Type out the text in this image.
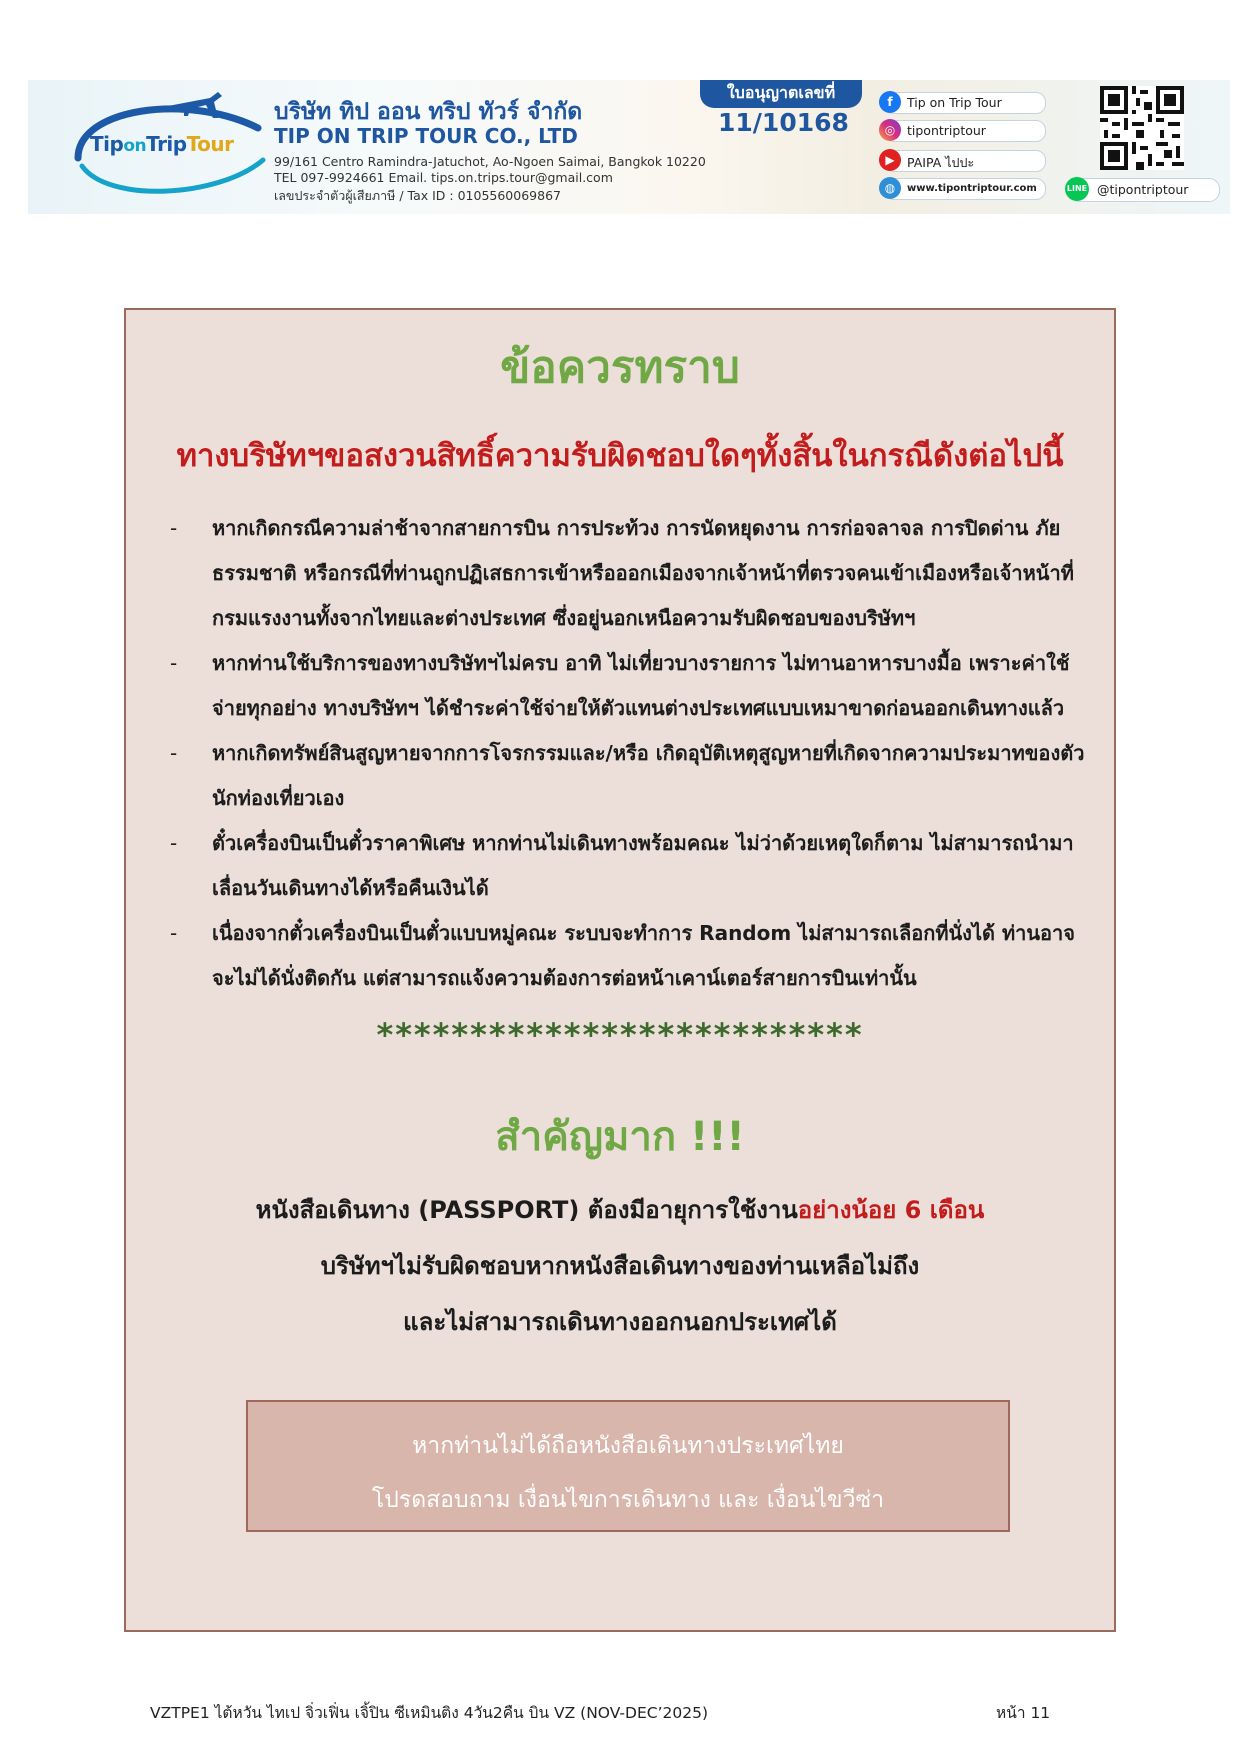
TiponTripTour
บริษัท ทิป ออน ทริป ทัวร์ จำกัด
TIP ON TRIP TOUR CO., LTD
99/161 Centro Ramindra-Jatuchot, Ao-Ngoen Saimai, Bangkok 10220
TEL 097-9924661 Email. tips.on.trips.tour@gmail.com
เลขประจำตัวผู้เสียภาษี / Tax ID : 0105560069867
ใบอนุญาตเลขที่
11/10168
f	Tip on Trip Tour
◎ tipontriptour
▶ PAIPA ไปปะ
◍	www.tipontriptour.com	LINE @tipontriptour
ข้อควรทราบ
ทางบริษัทฯขอสงวนสิทธิ์ความรับผิดชอบใดๆทั้งสิ้นในกรณีดังต่อไปนี้
- หากเกิดกรณีความล่าช้าจากสายการบิน การประท้วง การนัดหยุดงาน การก่อจลาจล การปิดด่าน ภัยธรรมชาติ หรือกรณีที่ท่านถูกปฏิเสธการเข้าหรือออกเมืองจากเจ้าหน้าที่ตรวจคนเข้าเมืองหรือเจ้าหน้าที่กรมแรงงานทั้งจากไทยและต่างประเทศ ซึ่งอยู่นอกเหนือความรับผิดชอบของบริษัทฯ
- หากท่านใช้บริการของทางบริษัทฯไม่ครบ อาทิ ไม่เที่ยวบางรายการ ไม่ทานอาหารบางมื้อ เพราะค่าใช้จ่ายทุกอย่าง ทางบริษัทฯ ได้ชำระค่าใช้จ่ายให้ตัวแทนต่างประเทศแบบเหมาขาดก่อนออกเดินทางแล้ว
- หากเกิดทรัพย์สินสูญหายจากการโจรกรรมและ/หรือ เกิดอุบัติเหตุสูญหายที่เกิดจากความประมาทของตัวนักท่องเที่ยวเอง
- ตั๋วเครื่องบินเป็นตั๋วราคาพิเศษ หากท่านไม่เดินทางพร้อมคณะ ไม่ว่าด้วยเหตุใดก็ตาม ไม่สามารถนำมาเลื่อนวันเดินทางได้หรือคืนเงินได้
- เนื่องจากตั๋วเครื่องบินเป็นตั๋วแบบหมู่คณะ ระบบจะทำการ Random ไม่สามารถเลือกที่นั่งได้ ท่านอาจจะไม่ได้นั่งติดกัน แต่สามารถแจ้งความต้องการต่อหน้าเคาน์เตอร์สายการบินเท่านั้น
**************************
สำคัญมาก !!!
หนังสือเดินทาง (PASSPORT) ต้องมีอายุการใช้งานอย่างน้อย 6 เดือน
บริษัทฯไม่รับผิดชอบหากหนังสือเดินทางของท่านเหลือไม่ถึง
และไม่สามารถเดินทางออกนอกประเทศได้
หากท่านไม่ได้ถือหนังสือเดินทางประเทศไทย
โปรดสอบถาม เงื่อนไขการเดินทาง และ เงื่อนไขวีซ่า
VZTPE1 ไต้หวัน ไทเป จิ่วเฟิ่น เจิ้ปิน ซีเหมินติง 4วัน2คืน บิน VZ (NOV-DEC’2025)	หน้า 11
